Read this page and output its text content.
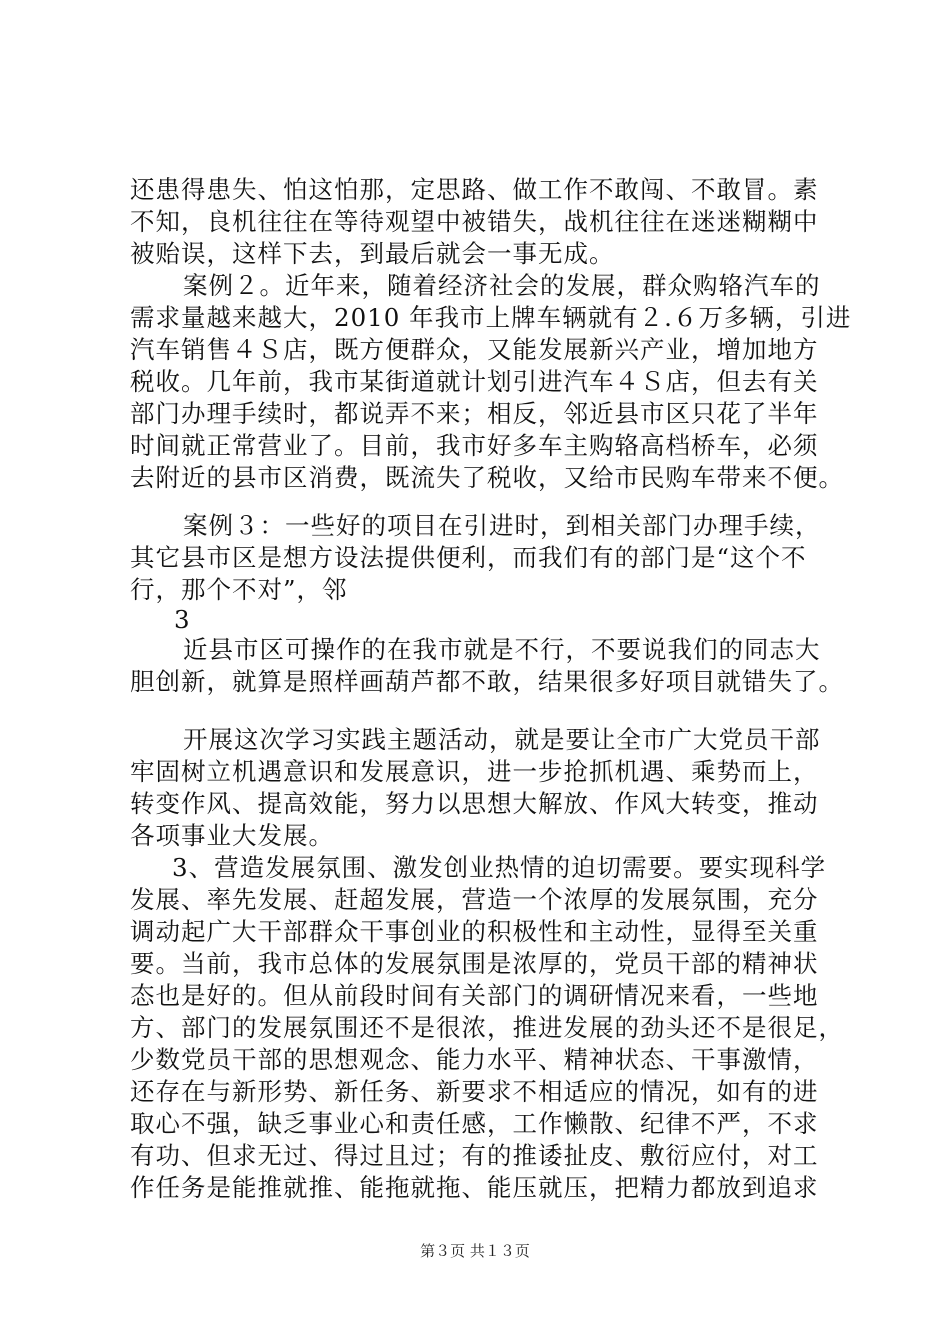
还患得患失、怕这怕那，定思路、做工作不敢闯、不敢冒。素
不知，良机往往在等待观望中被错失，战机往往在迷迷糊糊中
被贻误，这样下去，到最后就会一事无成。
案例２。近年来，随着经济社会的发展，群众购辂汽车的
需求量越来越大，2010 年我市上牌车辆就有２.６万多辆，引进
汽车销售４Ｓ店，既方便群众，又能发展新兴产业，增加地方
税收。几年前，我市某街道就计划引进汽车４Ｓ店，但去有关
部门办理手续时，都说弄不来；相反，邻近县市区只花了半年
时间就正常营业了。目前，我市好多车主购辂高档桥车，必须
去附近的县市区消费，既流失了税收，又给市民购车带来不便。
案例３：一些好的项目在引进时，到相关部门办理手续，
其它县市区是想方设法提供便利，而我们有的部门是“这个不
行，那个不对”，邻
3
近县市区可操作的在我市就是不行，不要说我们的同志大
胆创新，就算是照样画葫芦都不敢，结果很多好项目就错失了。
开展这次学习实践主题活动，就是要让全市广大党员干部
牢固树立机遇意识和发展意识，进一步抢抓机遇、乘势而上，
转变作风、提高效能，努力以思想大解放、作风大转变，推动
各项事业大发展。
3、营造发展氛围、激发创业热情的迫切需要。要实现科学
发展、率先发展、赶超发展，营造一个浓厚的发展氛围，充分
调动起广大干部群众干事创业的积极性和主动性，显得至关重
要。当前，我市总体的发展氛围是浓厚的，党员干部的精神状
态也是好的。但从前段时间有关部门的调研情况来看，一些地
方、部门的发展氛围还不是很浓，推进发展的劲头还不是很足，
少数党员干部的思想观念、能力水平、精神状态、干事激情，
还存在与新形势、新任务、新要求不相适应的情况，如有的进
取心不强，缺乏事业心和责任感，工作懒散、纪律不严，不求
有功、但求无过、得过且过；有的推诿扯皮、敷衍应付，对工
作任务是能推就推、能拖就拖、能压就压，把精力都放到追求
第３页 共１３页
